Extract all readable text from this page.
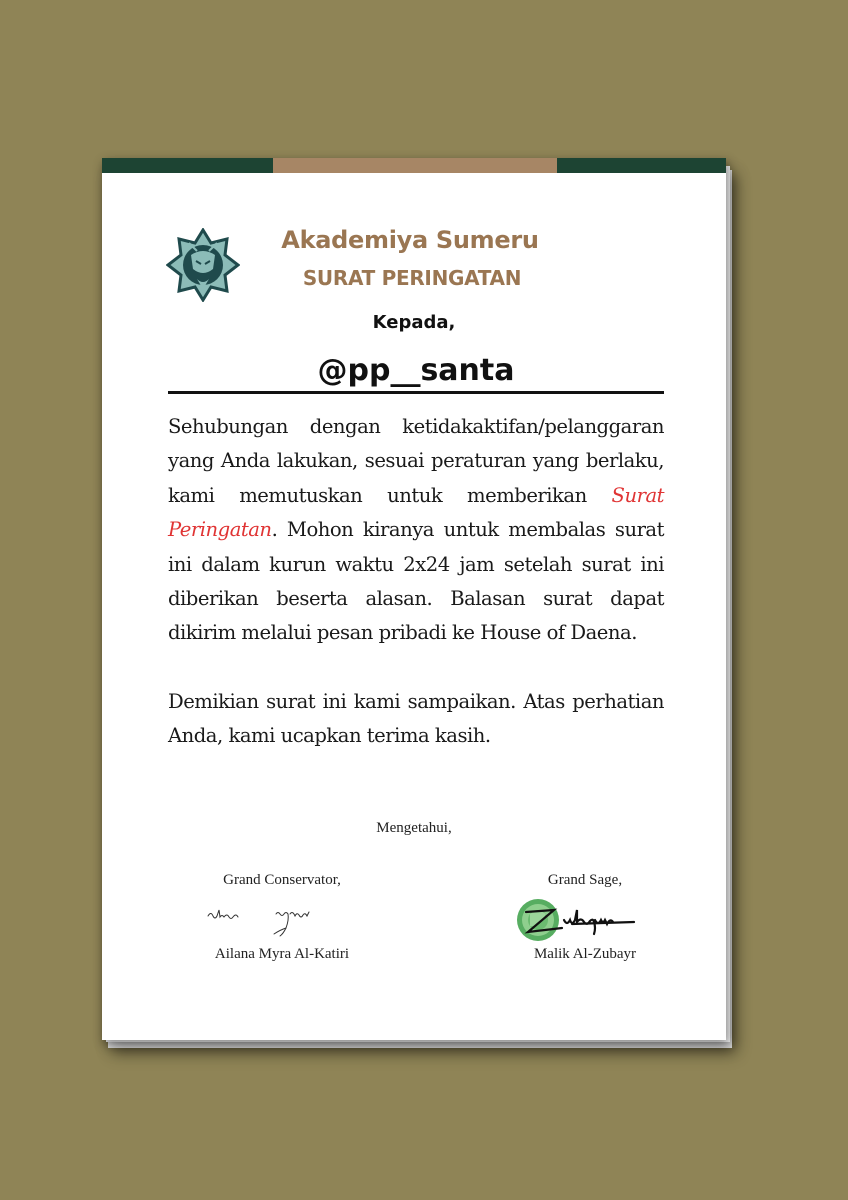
Akademiya Sumeru
SURAT PERINGATAN
Kepada,
@pp__santa

Sehubungan dengan ketidakaktifan/pelanggaran yang Anda lakukan, sesuai peraturan yang berlaku, kami memutuskan untuk memberikan Surat Peringatan. Mohon kiranya untuk membalas surat ini dalam kurun waktu 2x24 jam setelah surat ini diberikan beserta alasan. Balasan surat dapat dikirim melalui pesan pribadi ke House of Daena.

Demikian surat ini kami sampaikan. Atas perhatian Anda, kami ucapkan terima kasih.

Mengetahui,
Grand Conservator,
Ailana Myra Al-Katiri
Grand Sage,
Malik Al-Zubayr
